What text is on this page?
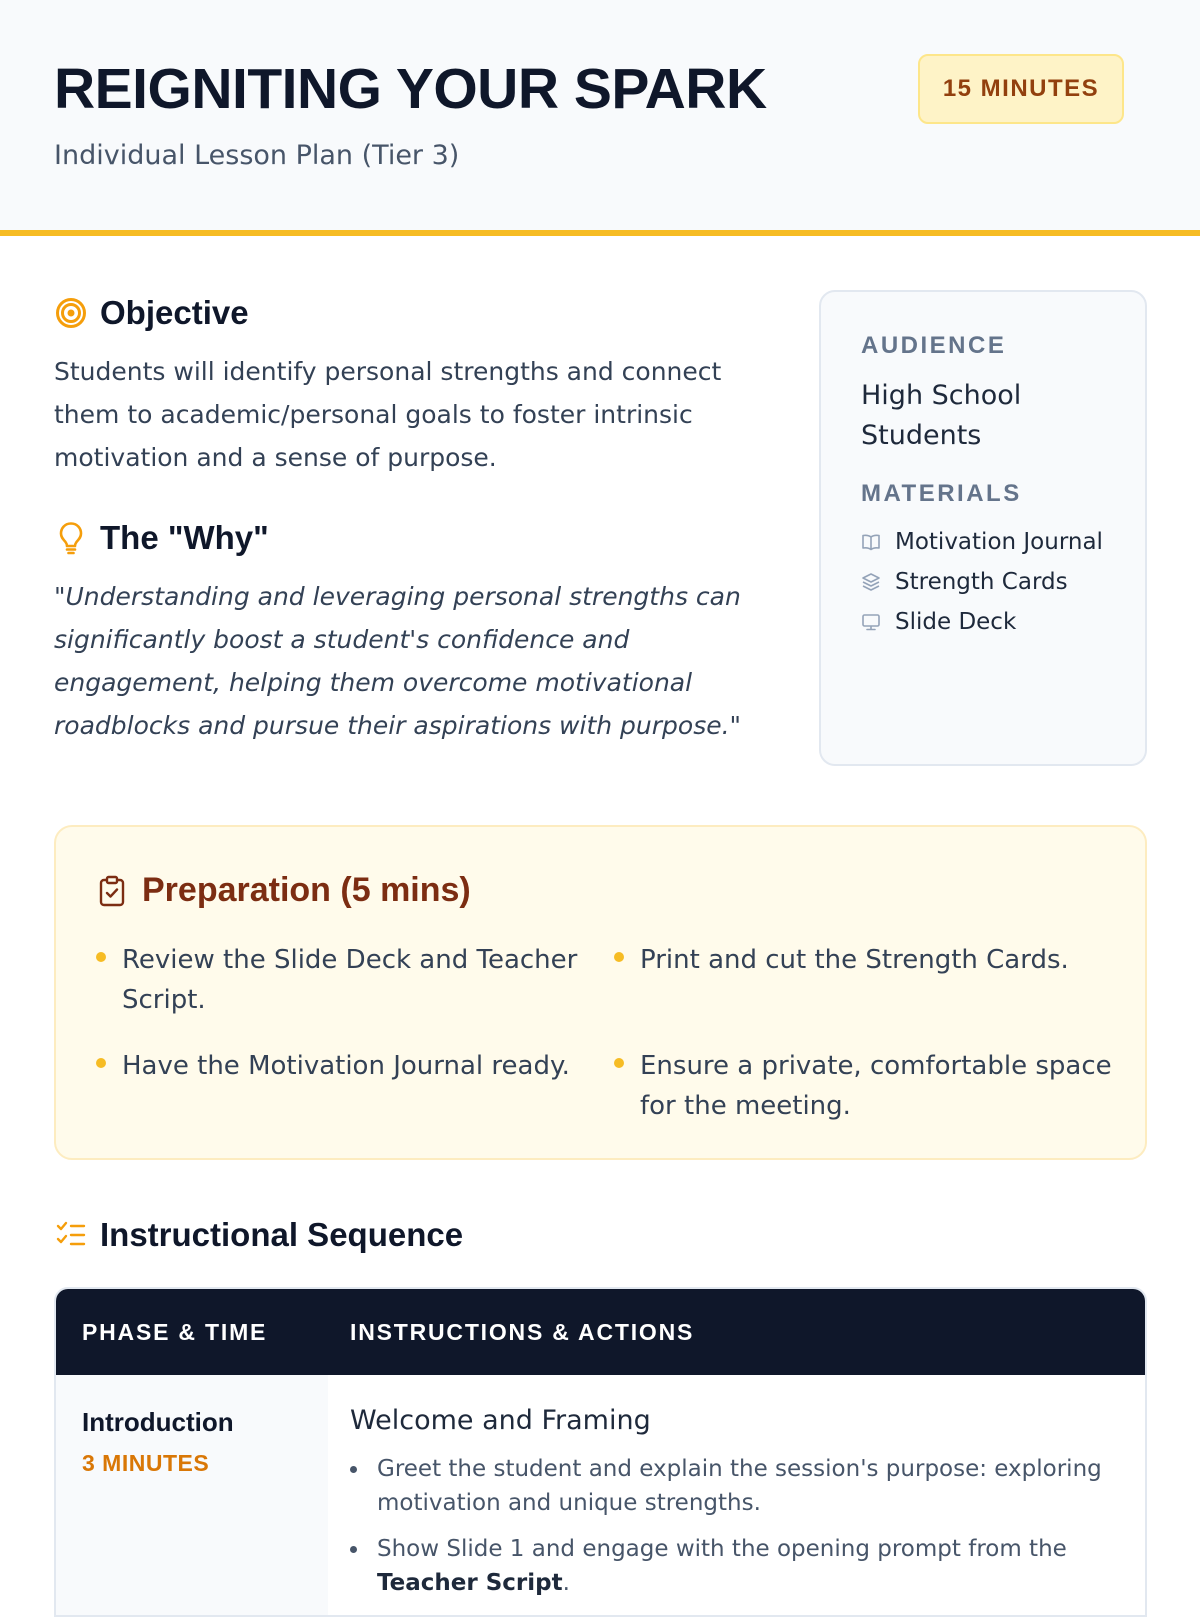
REIGNITING YOUR SPARK
Individual Lesson Plan (Tier 3)
15 MINUTES
Objective

Students will identify personal strengths and connect them to academic/personal goals to foster intrinsic motivation and a sense of purpose.

The "Why"

"Understanding and leveraging personal strengths can significantly boost a student's confidence and engagement, helping them overcome motivational roadblocks and pursue their aspirations with purpose."

AUDIENCE
High School Students
MATERIALS
Motivation Journal
Strength Cards
Slide Deck
Preparation (5 mins)
Review the Slide Deck and Teacher Script.
Print and cut the Strength Cards.
Have the Motivation Journal ready.	Ensure a private, comfortable space for the meeting.
Instructional Sequence
PHASE & TIME	INSTRUCTIONS & ACTIONS
Introduction
3 MINUTES
Welcome and Framing
Greet the student and explain the session's purpose: exploring motivation and unique strengths.
Show Slide 1 and engage with the opening prompt from the Teacher Script.
